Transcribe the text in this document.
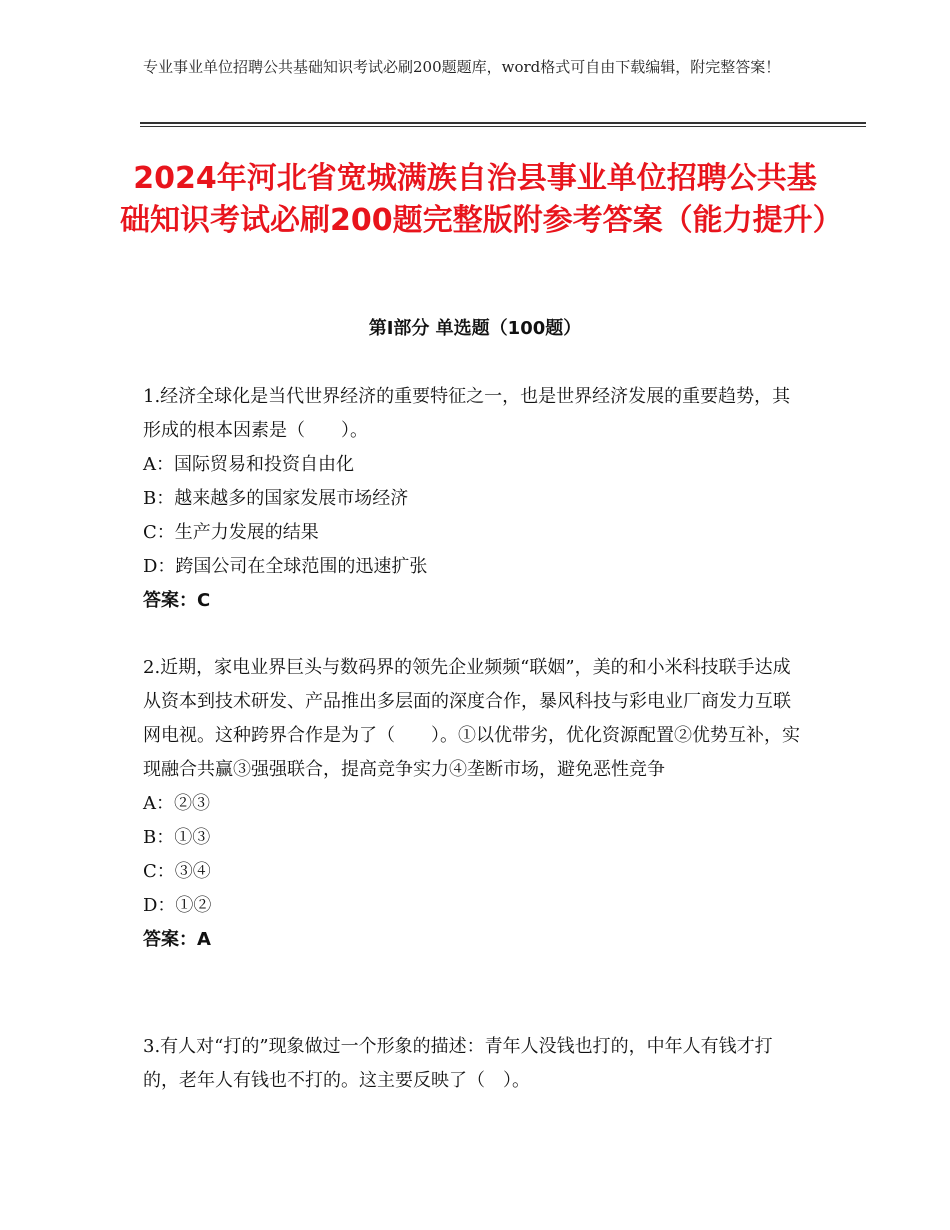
专业事业单位招聘公共基础知识考试必刷200题题库，word格式可自由下载编辑，附完整答案！
2024年河北省宽城满族自治县事业单位招聘公共基础知识考试必刷200题完整版附参考答案（能力提升）
第Ⅰ部分 单选题（100题）

1.经济全球化是当代世界经济的重要特征之一，也是世界经济发展的重要趋势，其形成的根本因素是（　　）。

A：国际贸易和投资自由化

B：越来越多的国家发展市场经济

C：生产力发展的结果

D：跨国公司在全球范围的迅速扩张

答案：C

2.近期，家电业界巨头与数码界的领先企业频频“联姻”，美的和小米科技联手达成从资本到技术研发、产品推出多层面的深度合作，暴风科技与彩电业厂商发力互联网电视。这种跨界合作是为了（　　）。①以优带劣，优化资源配置②优势互补，实现融合共赢③强强联合，提高竞争实力④垄断市场，避免恶性竞争

A：②③

B：①③

C：③④

D：①②

答案：A

3.有人对“打的”现象做过一个形象的描述：青年人没钱也打的，中年人有钱才打的，老年人有钱也不打的。这主要反映了（　）。
